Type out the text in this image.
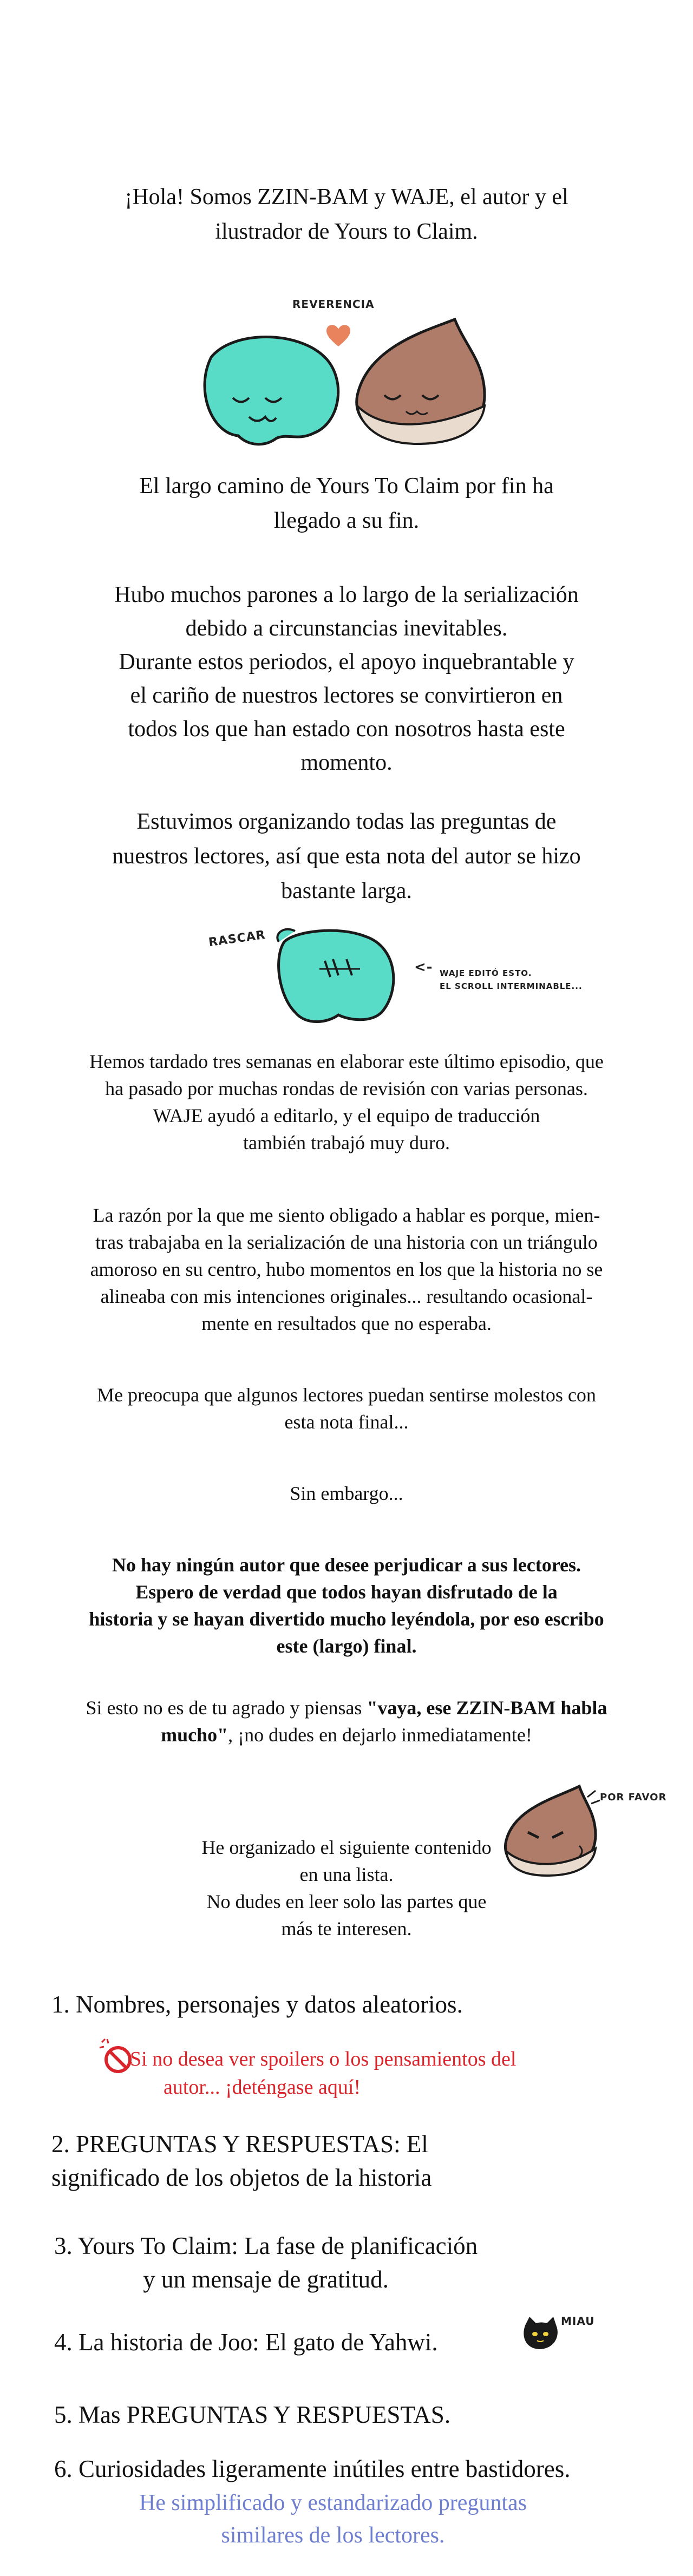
¡Hola! Somos ZZIN-BAM y WAJE, el autor y el
ilustrador de Yours to Claim.
REVERENCIA
El largo camino de Yours To Claim por fin ha
llegado a su fin.
Hubo muchos parones a lo largo de la serialización
debido a circunstancias inevitables.
Durante estos periodos, el apoyo inquebrantable y
el cariño de nuestros lectores se convirtieron en
todos los que han estado con nosotros hasta este
momento.
Estuvimos organizando todas las preguntas de
nuestros lectores, así que esta nota del autor se hizo
bastante larga.
RASCAR
<- WAJE EDITÓ ESTO.
EL SCROLL INTERMINABLE...
Hemos tardado tres semanas en elaborar este último episodio, que
ha pasado por muchas rondas de revisión con varias personas.
WAJE ayudó a editarlo, y el equipo de traducción
también trabajó muy duro.
La razón por la que me siento obligado a hablar es porque, mien-
tras trabajaba en la serialización de una historia con un triángulo
amoroso en su centro, hubo momentos en los que la historia no se
alineaba con mis intenciones originales... resultando ocasional-
mente en resultados que no esperaba.
Me preocupa que algunos lectores puedan sentirse molestos con
esta nota final...
Sin embargo...
No hay ningún autor que desee perjudicar a sus lectores.
Espero de verdad que todos hayan disfrutado de la
historia y se hayan divertido mucho leyéndola, por eso escribo
este (largo) final.
Si esto no es de tu agrado y piensas "vaya, ese ZZIN-BAM habla
mucho", ¡no dudes en dejarlo inmediatamente!
POR FAVOR
He organizado el siguiente contenido
en una lista.
No dudes en leer solo las partes que
más te interesen.
1. Nombres, personajes y datos aleatorios.
Si no desea ver spoilers o los pensamientos del
autor... ¡deténgase aquí!
2. PREGUNTAS Y RESPUESTAS: El
significado de los objetos de la historia
3. Yours To Claim: La fase de planificación
y un mensaje de gratitud.
4. La historia de Joo: El gato de Yahwi.
MIAU
5. Mas PREGUNTAS Y RESPUESTAS.
6. Curiosidades ligeramente inútiles entre bastidores.
He simplificado y estandarizado preguntas
similares de los lectores.
